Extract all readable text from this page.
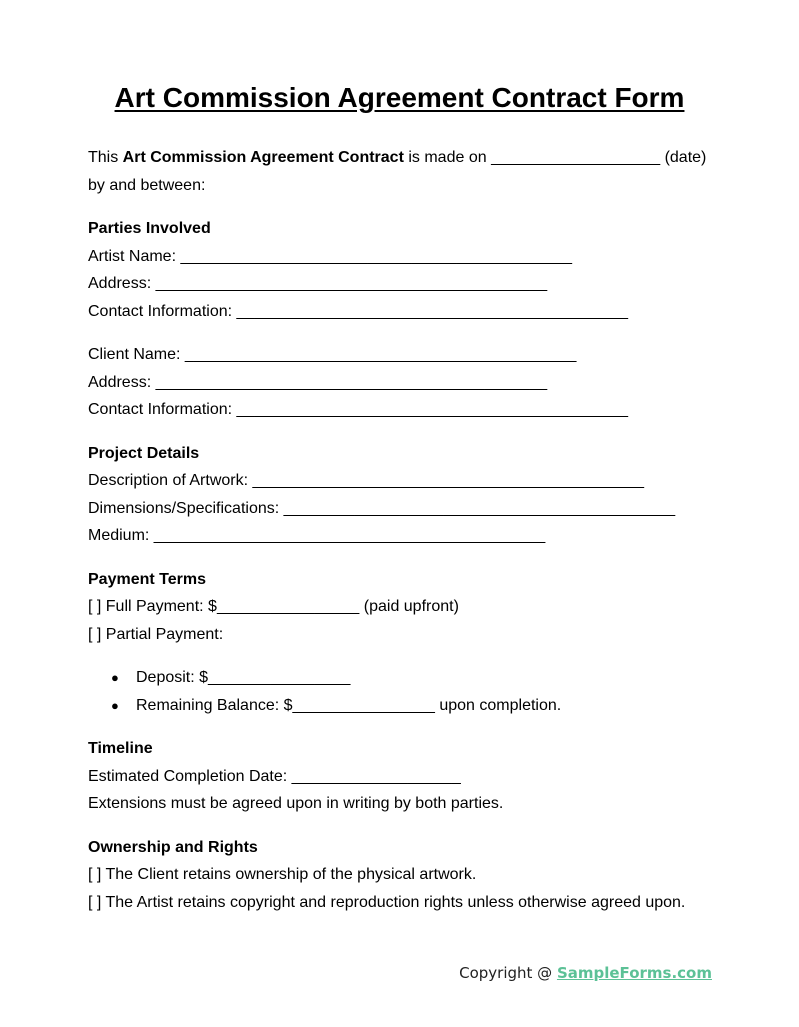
Art Commission Agreement Contract Form
This Art Commission Agreement Contract is made on ___________________ (date)
by and between:
Parties Involved
Artist Name: ____________________________________________
Address: ____________________________________________
Contact Information: ____________________________________________
Client Name: ____________________________________________
Address: ____________________________________________
Contact Information: ____________________________________________
Project Details
Description of Artwork: ____________________________________________
Dimensions/Specifications: ____________________________________________
Medium: ____________________________________________
Payment Terms
[ ] Full Payment: $________________ (paid upfront)
[ ] Partial Payment:
● Deposit: $________________
● Remaining Balance: $________________ upon completion.
Timeline
Estimated Completion Date: ___________________
Extensions must be agreed upon in writing by both parties.
Ownership and Rights
[ ] The Client retains ownership of the physical artwork.
[ ] The Artist retains copyright and reproduction rights unless otherwise agreed upon.
Copyright @ SampleForms.com
